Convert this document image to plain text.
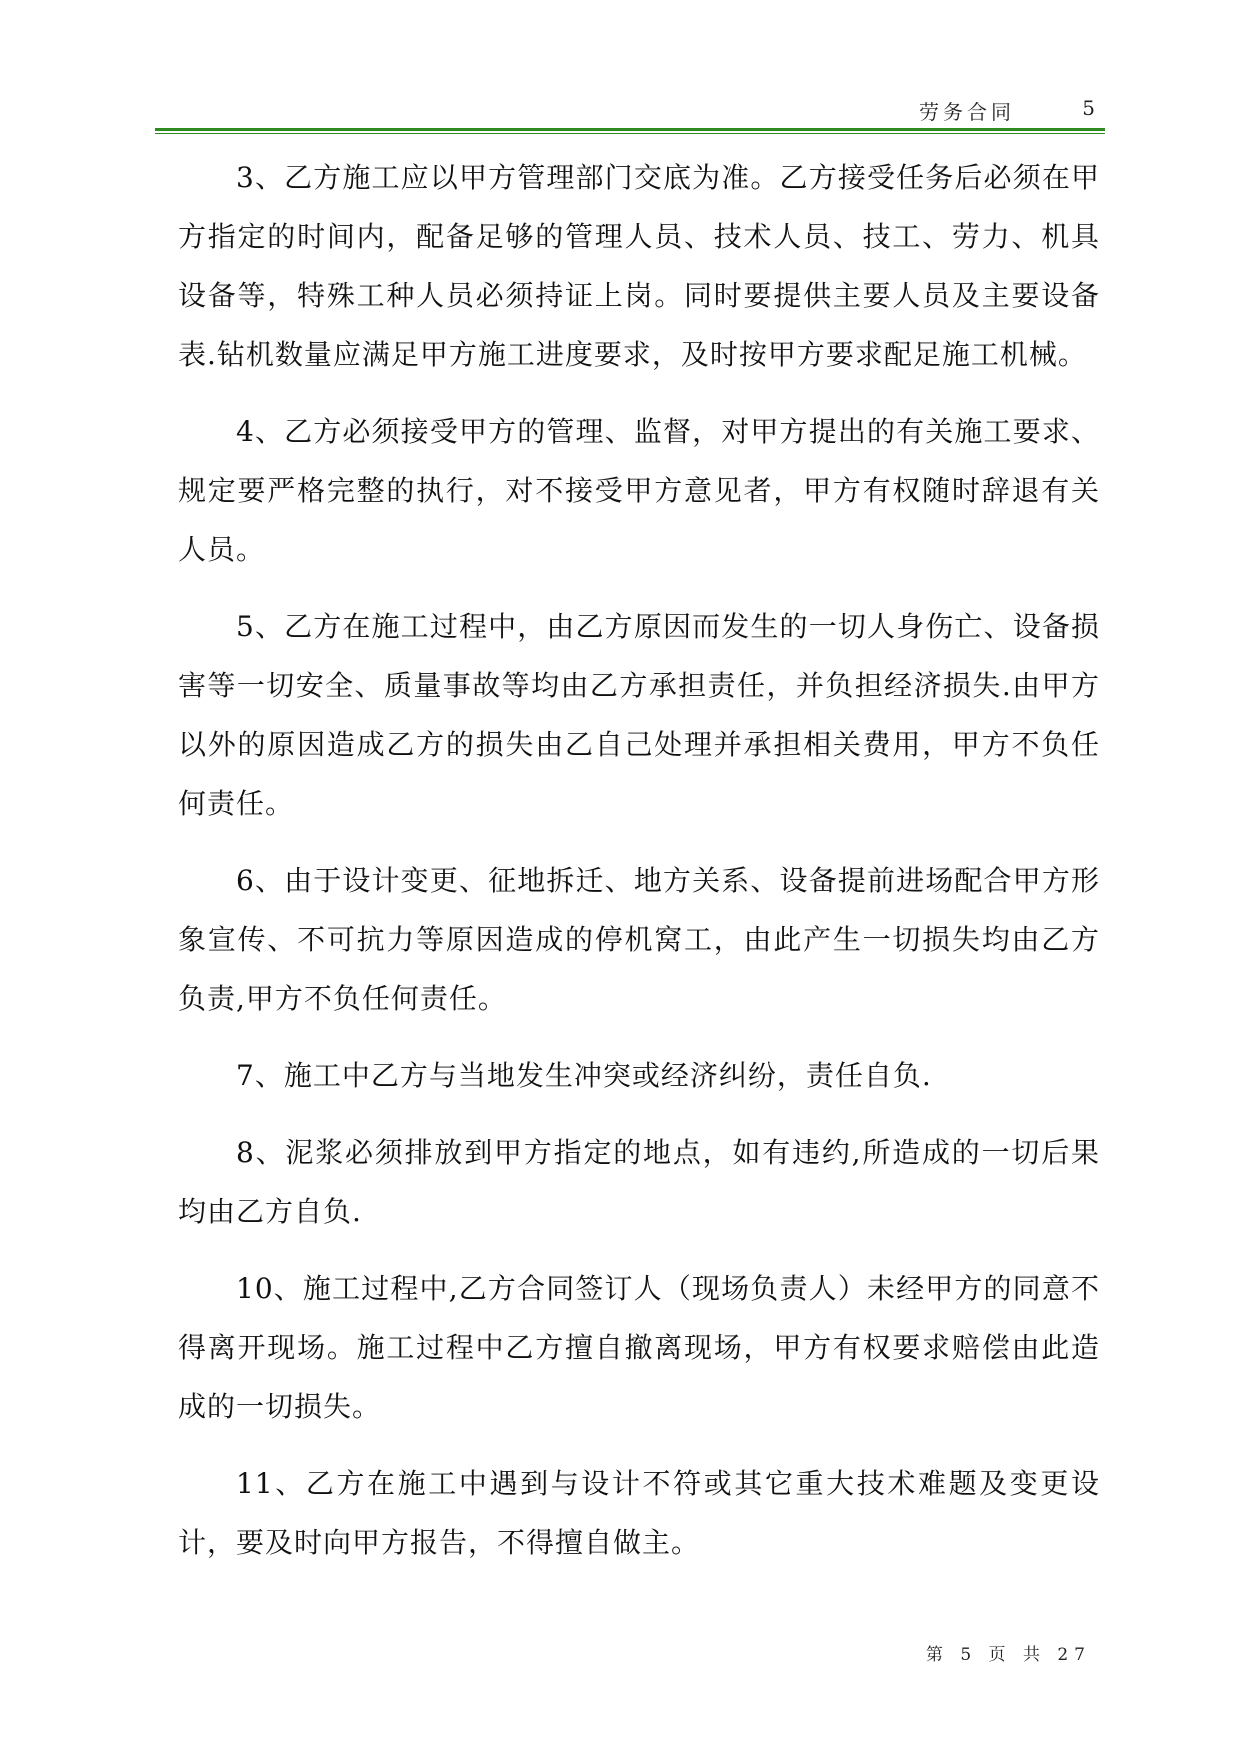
劳务合同	5

3、乙方施工应以甲方管理部门交底为准。乙方接受任务后必须在甲方指定的时间内，配备足够的管理人员、技术人员、技工、劳力、机具设备等，特殊工种人员必须持证上岗。同时要提供主要人员及主要设备表.钻机数量应满足甲方施工进度要求，及时按甲方要求配足施工机械。

4、乙方必须接受甲方的管理、监督，对甲方提出的有关施工要求、规定要严格完整的执行，对不接受甲方意见者，甲方有权随时辞退有关人员。

5、乙方在施工过程中，由乙方原因而发生的一切人身伤亡、设备损害等一切安全、质量事故等均由乙方承担责任，并负担经济损失.由甲方以外的原因造成乙方的损失由乙自己处理并承担相关费用，甲方不负任何责任。

6、由于设计变更、征地拆迁、地方关系、设备提前进场配合甲方形象宣传、不可抗力等原因造成的停机窝工，由此产生一切损失均由乙方负责,甲方不负任何责任。

7、施工中乙方与当地发生冲突或经济纠纷，责任自负.

8、泥浆必须排放到甲方指定的地点，如有违约,所造成的一切后果均由乙方自负.

10、施工过程中,乙方合同签订人（现场负责人）未经甲方的同意不得离开现场。施工过程中乙方擅自撤离现场，甲方有权要求赔偿由此造成的一切损失。

11、乙方在施工中遇到与设计不符或其它重大技术难题及变更设计，要及时向甲方报告，不得擅自做主。

第 5 页 共 27
